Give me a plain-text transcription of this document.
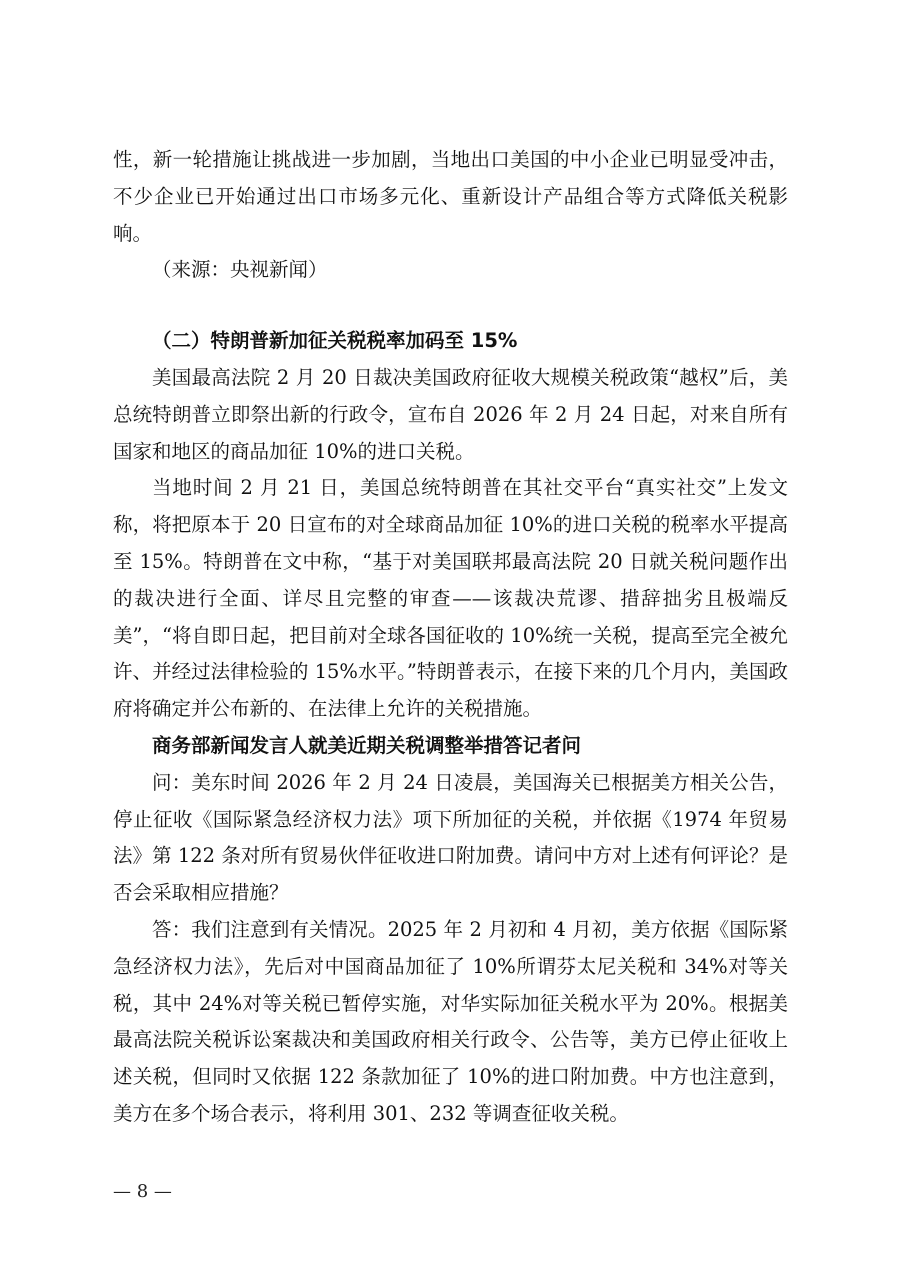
性，新一轮措施让挑战进一步加剧，当地出口美国的中小企业已明显受冲击，不少企业已开始通过出口市场多元化、重新设计产品组合等方式降低关税影响。

（来源：央视新闻）

（二）特朗普新加征关税税率加码至 15%

美国最高法院 2 月 20 日裁决美国政府征收大规模关税政策“越权”后，美总统特朗普立即祭出新的行政令，宣布自 2026 年 2 月 24 日起，对来自所有国家和地区的商品加征 10%的进口关税。

当地时间 2 月 21 日，美国总统特朗普在其社交平台“真实社交”上发文称，将把原本于 20 日宣布的对全球商品加征 10%的进口关税的税率水平提高至 15%。特朗普在文中称，“基于对美国联邦最高法院 20 日就关税问题作出的裁决进行全面、详尽且完整的审查——该裁决荒谬、措辞拙劣且极端反美”，“将自即日起，把目前对全球各国征收的 10%统一关税，提高至完全被允许、并经过法律检验的 15%水平。”特朗普表示，在接下来的几个月内，美国政府将确定并公布新的、在法律上允许的关税措施。

商务部新闻发言人就美近期关税调整举措答记者问

问：美东时间 2026 年 2 月 24 日凌晨，美国海关已根据美方相关公告，停止征收《国际紧急经济权力法》项下所加征的关税，并依据《1974 年贸易法》第 122 条对所有贸易伙伴征收进口附加费。请问中方对上述有何评论？是否会采取相应措施？

答：我们注意到有关情况。2025 年 2 月初和 4 月初，美方依据《国际紧急经济权力法》，先后对中国商品加征了 10%所谓芬太尼关税和 34%对等关税，其中 24%对等关税已暂停实施，对华实际加征关税水平为 20%。根据美最高法院关税诉讼案裁决和美国政府相关行政令、公告等，美方已停止征收上述关税，但同时又依据 122 条款加征了 10%的进口附加费。中方也注意到，美方在多个场合表示，将利用 301、232 等调查征收关税。

— 8 —
